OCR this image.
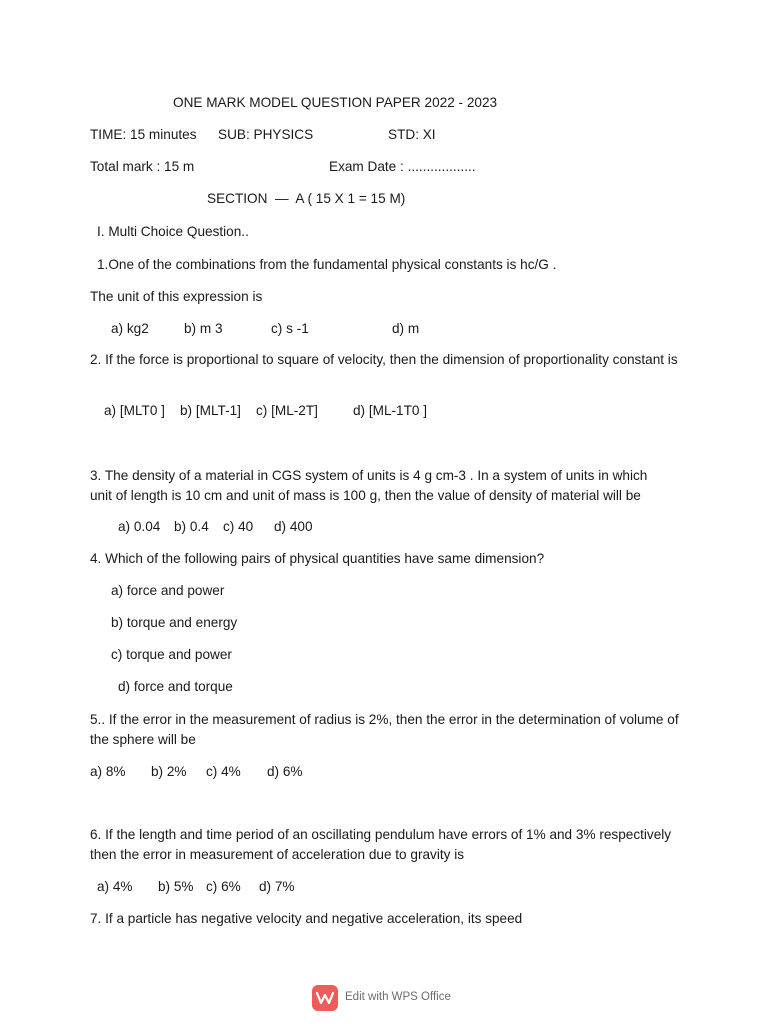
ONE MARK MODEL QUESTION PAPER 2022 - 2023
TIME: 15 minutes SUB: PHYSICS	STD: XI
Total mark : 15 m	Exam Date : ..................
SECTION  —  A ( 15 X 1 = 15 M)
I. Multi Choice Question..
1.One of the combinations from the fundamental physical constants is hc/G .
The unit of this expression is
a) kg2	b) m 3	c) s -1	d) m
2. If the force is proportional to square of velocity, then the dimension of proportionality constant is
a) [MLT0 ] b) [MLT-1] c) [ML-2T]	d) [ML-1T0 ]
3. The density of a material in CGS system of units is 4 g cm-3 . In a system of units in which unit of length is 10 cm and unit of mass is 100 g, then the value of density of material will be
a) 0.04 b) 0.4 c) 40 d) 400
4. Which of the following pairs of physical quantities have same dimension?
a) force and power
b) torque and energy
c) torque and power
d) force and torque
5.. If the error in the measurement of radius is 2%, then the error in the determination of volume of the sphere will be
a) 8% b) 2% c) 4% d) 6%
6. If the length and time period of an oscillating pendulum have errors of 1% and 3% respectively then the error in measurement of acceleration due to gravity is
a) 4% b) 5% c) 6% d) 7%
7. If a particle has negative velocity and negative acceleration, its speed
Edit with WPS Office
